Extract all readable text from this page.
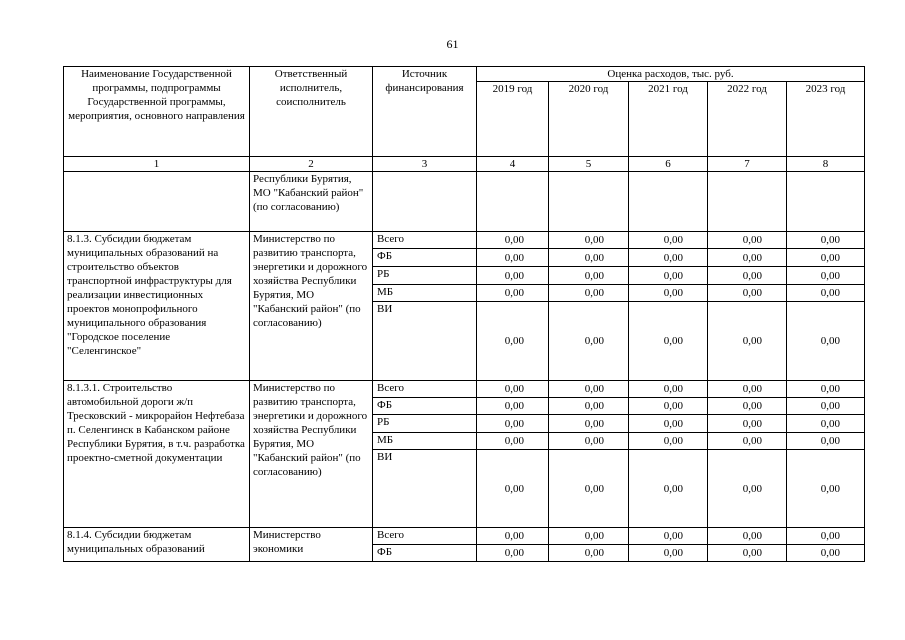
61
Наименование Государственной программы, подпрограммы Государственной программы, мероприятия, основного направления	Ответственный исполнитель, соисполнитель	Источник финансирования	Оценка расходов, тыс. руб.				
			2019 год	2020 год	2021 год	2022 год	2023 год
1	2	3	4	5	6	7	8
	Республики Бурятия, МО "Кабанский район" (по согласованию)						
8.1.3. Субсидии бюджетам муниципальных образований на строительство объектов транспортной инфраструктуры для реализации инвестиционных проектов монопрофильного муниципального образования "Городское поселение "Селенгинское"	Министерство по развитию транспорта, энергетики и дорожного хозяйства Республики Бурятия, МО "Кабанский район" (по согласованию)	Всего	0,00	0,00	0,00	0,00	0,00
		ФБ	0,00	0,00	0,00	0,00	0,00
		РБ	0,00	0,00	0,00	0,00	0,00
		МБ	0,00	0,00	0,00	0,00	0,00
		ВИ	0,00	0,00	0,00	0,00	0,00
8.1.3.1. Строительство автомобильной дороги ж/п Тресковский - микрорайон Нефтебаза п. Селенгинск в Кабанском районе Республики Бурятия, в т.ч. разработка проектно-сметной документации	Министерство по развитию транспорта, энергетики и дорожного хозяйства Республики Бурятия, МО "Кабанский район" (по согласованию)	Всего	0,00	0,00	0,00	0,00	0,00
		ФБ	0,00	0,00	0,00	0,00	0,00
		РБ	0,00	0,00	0,00	0,00	0,00
		МБ	0,00	0,00	0,00	0,00	0,00
		ВИ	0,00	0,00	0,00	0,00	0,00
8.1.4. Субсидии бюджетам муниципальных образований	Министерство экономики	Всего	0,00	0,00	0,00	0,00	0,00
		ФБ	0,00	0,00	0,00	0,00	0,00
